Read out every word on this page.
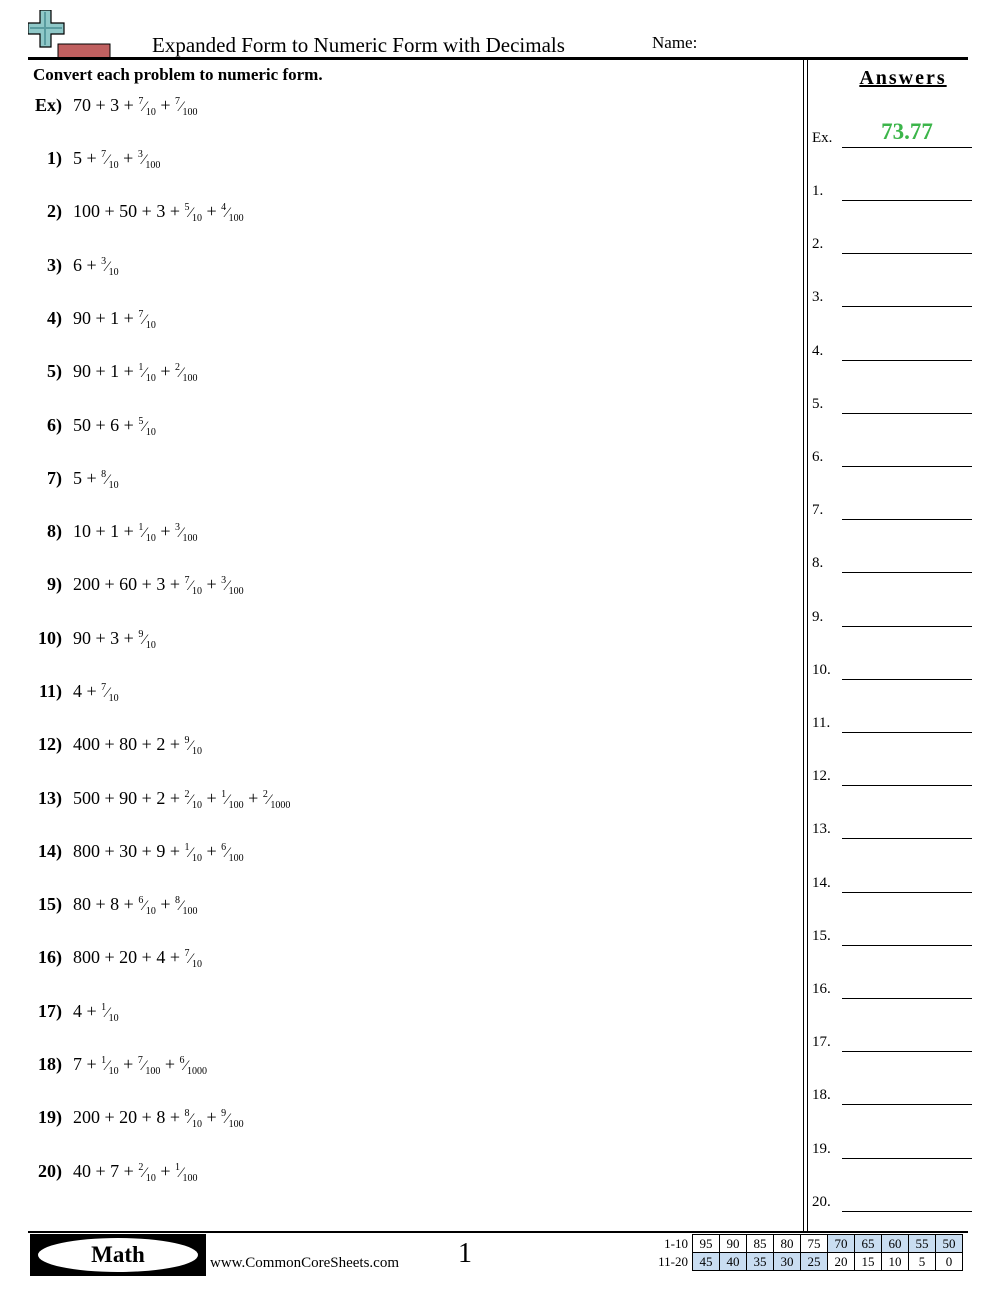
Expanded Form to Numeric Form with Decimals	Name:
Convert each problem to numeric form.
Ex) $70 + 3 + ^7⁄_{10}$ + $^7⁄_{100}$
1) $5 + ^7⁄_{10}$ + $^3⁄_{100}$
2) $100 + 50 + 3 + ^5⁄_{10}$ + $^4⁄_{100}$
3) $6 + ^3⁄_{10}$
4) $90 + 1 + ^7⁄_{10}$
5) $90 + 1 + ^1⁄_{10}$ + $^2⁄_{100}$
6) $50 + 6 + ^5⁄_{10}$
7) $5 + ^8⁄_{10}$
8) $10 + 1 + ^1⁄_{10}$ + $^3⁄_{100}$
9) $200 + 60 + 3 + ^7⁄_{10}$ + $^3⁄_{100}$
10) $90 + 3 + ^9⁄_{10}$
11) $4 + ^7⁄_{10}$
12) $400 + 80 + 2 + ^9⁄_{10}$
13) $500 + 90 + 2 + ^2⁄_{10}$ + $^1⁄_{100}$ + $^2⁄_{1000}$
14) $800 + 30 + 9 + ^1⁄_{10}$ + $^6⁄_{100}$
15) $80 + 8 + ^6⁄_{10}$ + $^8⁄_{100}$
16) $800 + 20 + 4 + ^7⁄_{10}$
17) $4 + ^1⁄_{10}$
18) $7 + ^1⁄_{10}$ + $^7⁄_{100}$ + $^6⁄_{1000}$
19) $200 + 20 + 8 + ^8⁄_{10}$ + $^9⁄_{100}$
20) $40 + 7 + ^2⁄_{10}$ + $^1⁄_{100}$
Answers
Ex.	73.77
1.
2.
3.
4.
5.
6.
7.
8.
9.
10.
11.
12.
13.
14.
15.
16.
17.
18.
19.
20.
Math	www.CommonCoreSheets.com 1	1-10	95	90	85	80	75	70	65	60	55	50
11-20	45	40	35	30	25	20	15	10	5	0
